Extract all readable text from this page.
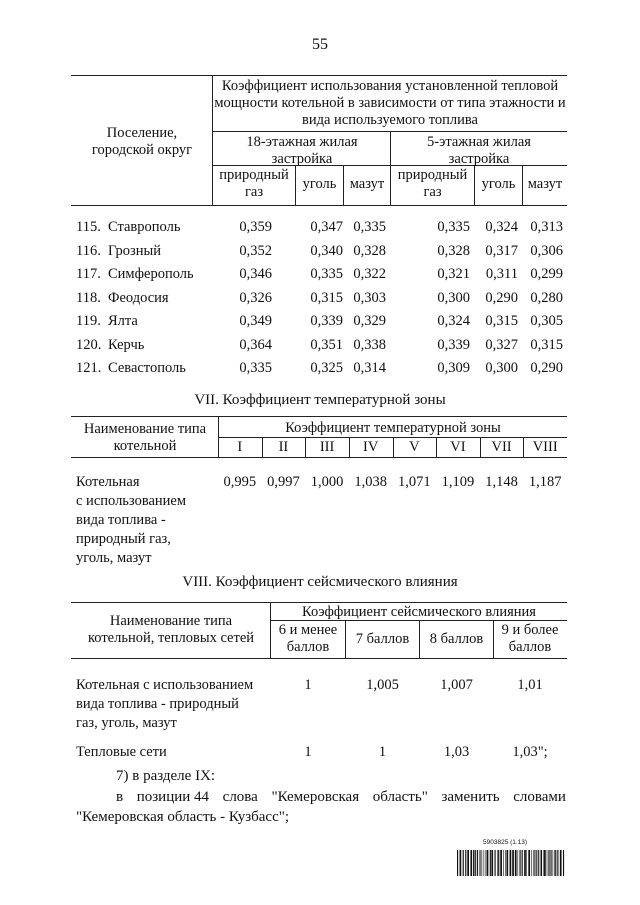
55
Поселение, городской округ
Коэффициент использования установленной тепловой мощности котельной в зависимости от типа этажности и вида используемого топлива
18-этажная жилая застройка
5-этажная жилая застройка
природный газ	уголь мазут
природный газ	уголь мазут
115. Ставрополь	0,359	0,347 0,335	0,335	0,324 0,313
116. Грозный	0,352	0,340 0,328	0,328	0,317 0,306
117. Симферополь	0,346	0,335 0,322	0,321	0,311 0,299
118. Феодосия	0,326	0,315 0,303	0,300	0,290 0,280
119. Ялта	0,349	0,339 0,329	0,324	0,315 0,305
120. Керчь	0,364	0,351 0,338	0,339	0,327 0,315
121. Севастополь	0,335	0,325 0,314	0,309	0,300 0,290
VII. Коэффициент температурной зоны
Наименование типа
котельной
Коэффициент температурной зоны
I	II	III	IV	V	VI	VII	VIII
Котельная
с использованием
вида топлива -
природный газ,
уголь, мазут
0,995 0,997 1,000 1,038 1,071 1,109 1,148 1,187
VIII. Коэффициент сейсмического влияния
Наименование типа
котельной, тепловых сетей
Коэффициент сейсмического влияния
6 и менее баллов	7 баллов	8 баллов
9 и более баллов
Котельная с использованием
вида топлива - природный
газ, уголь, мазут
1	1,005	1,007	1,01
Тепловые сети	1	1	1,03	1,03";
7) в разделе IX:
в позиции 44 слова "Кемеровская область" заменить словами
"Кемеровская область - Кузбасс";
5903825 (1.13)
